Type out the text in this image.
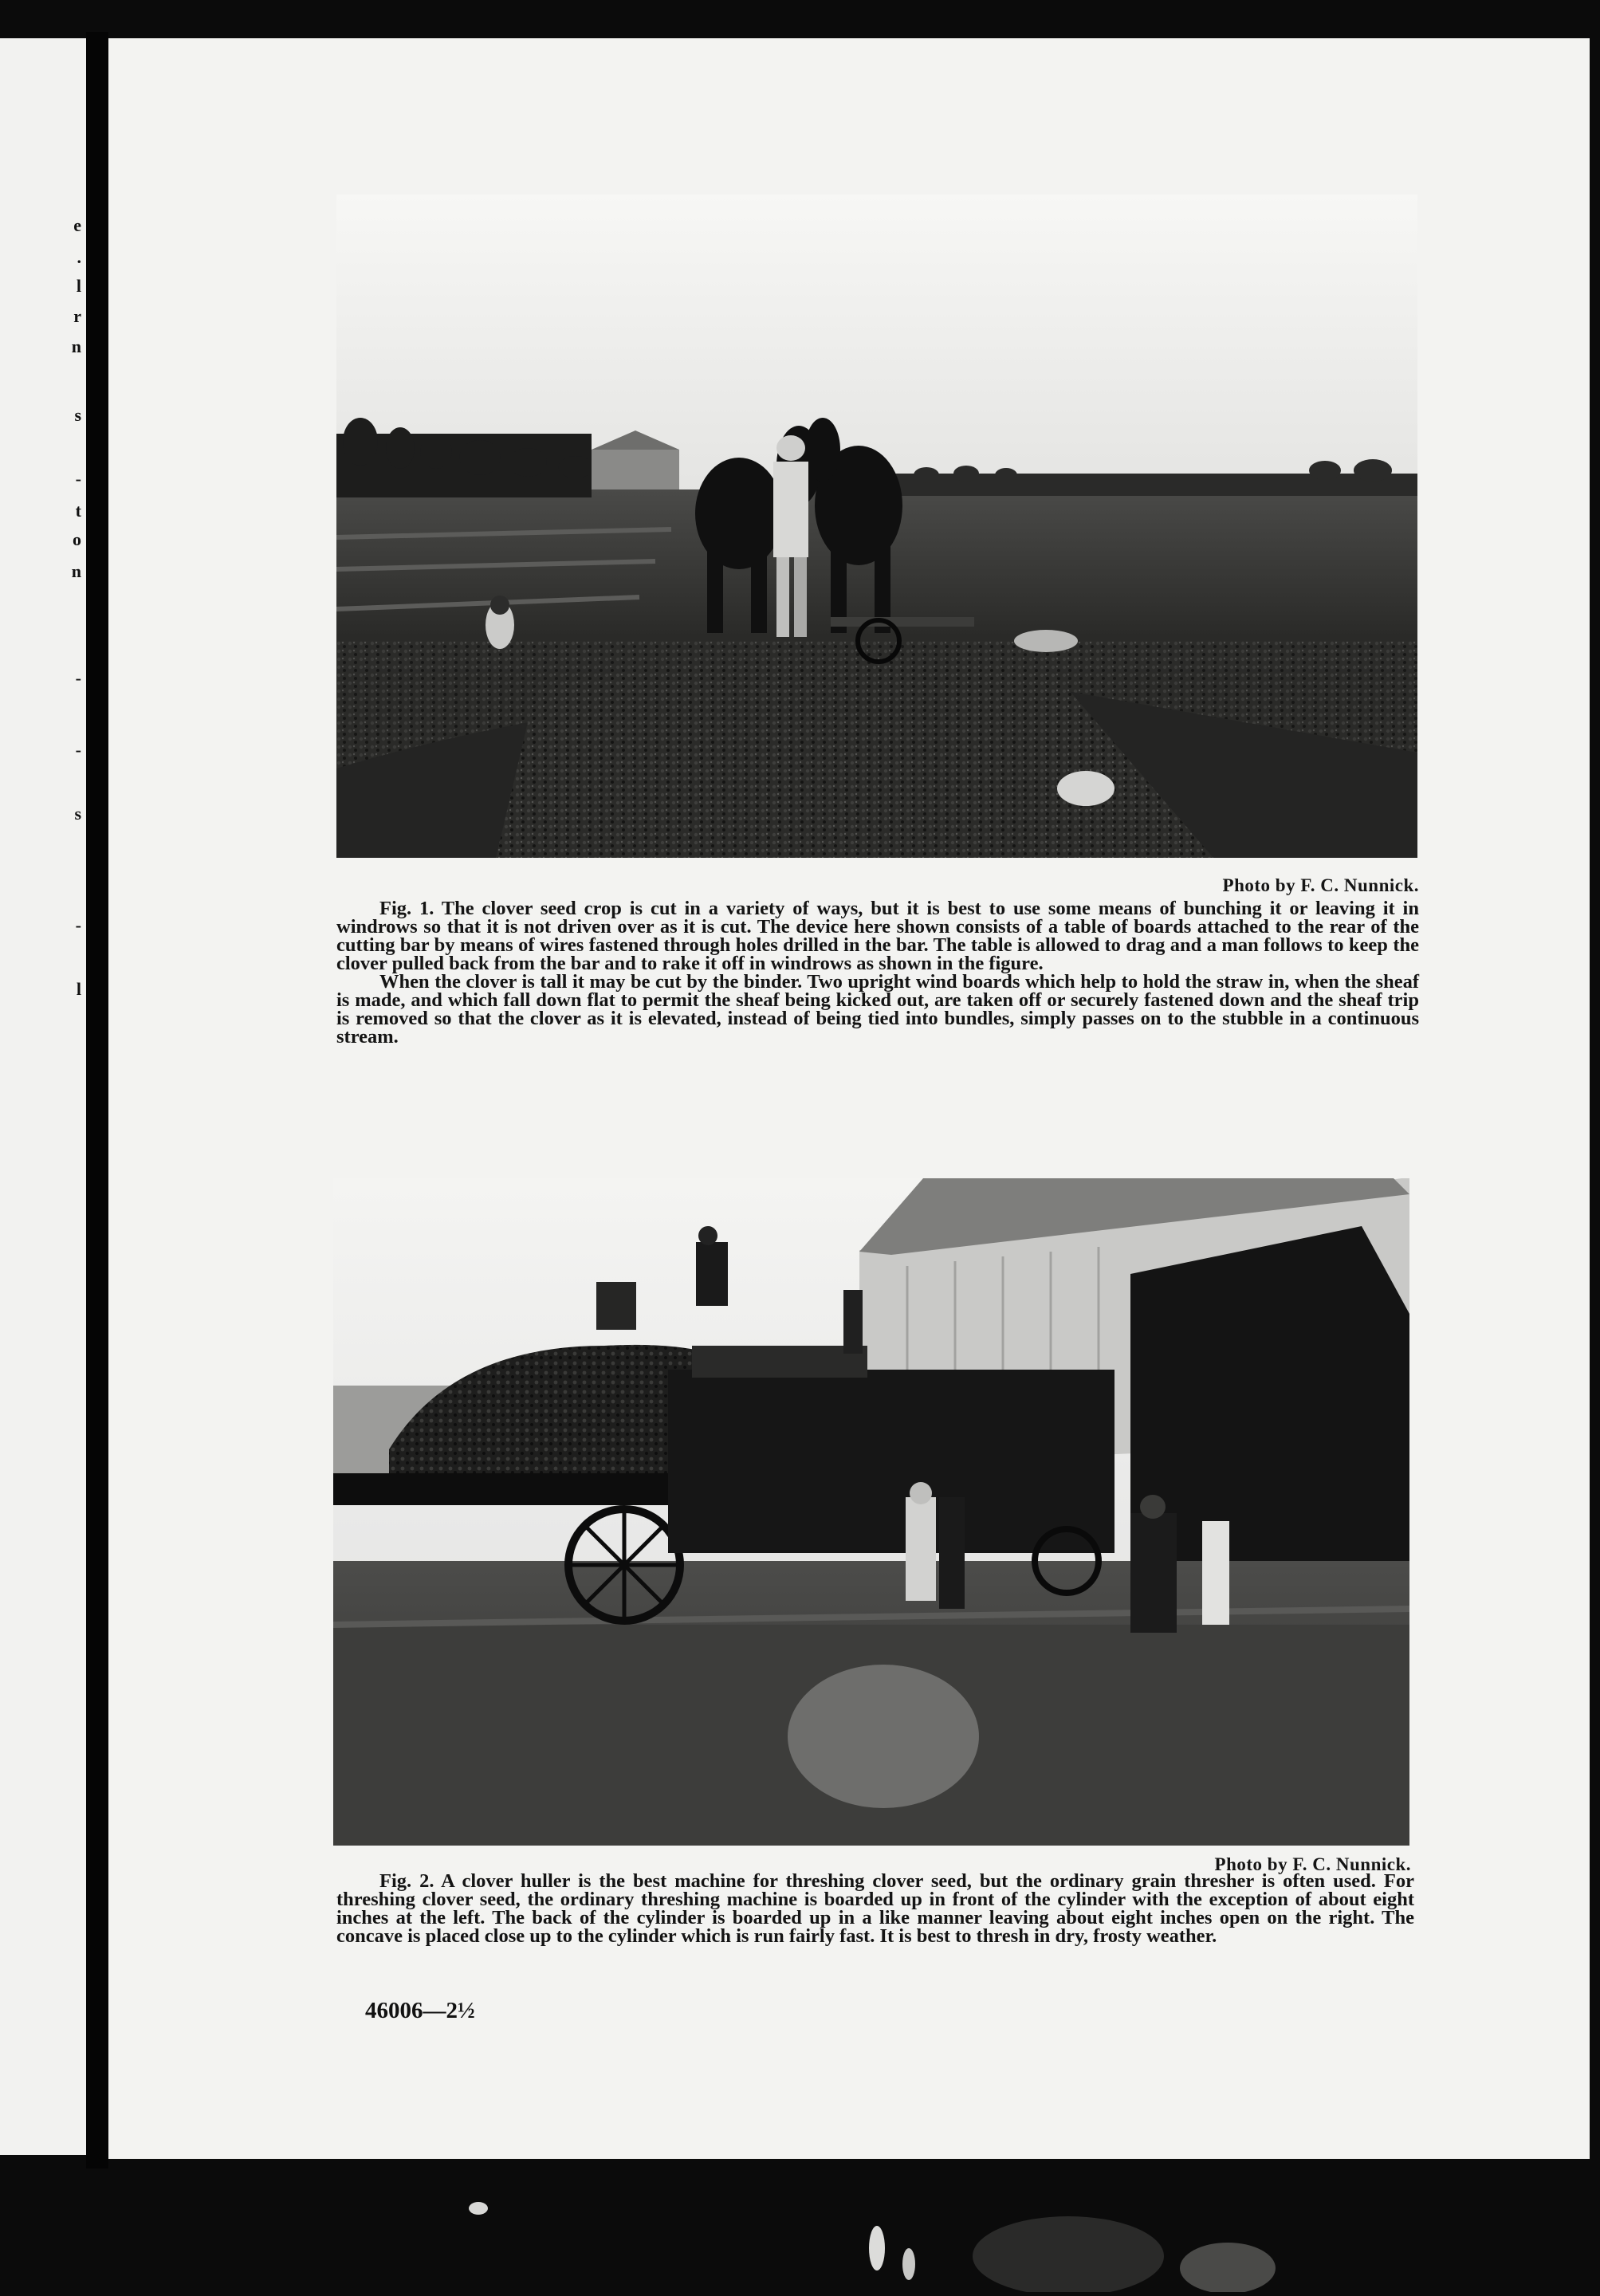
e
.
l
r
n
s
-
t
o
n
-
-
s
-
l
Photo by F. C. Nunnick.

Fig. 1. The clover seed crop is cut in a variety of ways, but it is best to use some means of bunching it or leaving it in windrows so that it is not driven over as it is cut. The device here shown consists of a table of boards attached to the rear of the cutting bar by means of wires fastened through holes drilled in the bar. The table is allowed to drag and a man follows to keep the clover pulled back from the bar and to rake it off in windrows as shown in the figure.

When the clover is tall it may be cut by the binder. Two upright wind boards which help to hold the straw in, when the sheaf is made, and which fall down flat to permit the sheaf being kicked out, are taken off or securely fastened down and the sheaf trip is removed so that the clover as it is elevated, instead of being tied into bundles, simply passes on to the stubble in a continuous stream.

Photo by F. C. Nunnick.

Fig. 2. A clover huller is the best machine for threshing clover seed, but the ordinary grain thresher is often used. For threshing clover seed, the ordinary threshing machine is boarded up in front of the cylinder with the exception of about eight inches at the left. The back of the cylinder is boarded up in a like manner leaving about eight inches open on the right. The concave is placed close up to the cylinder which is run fairly fast. It is best to thresh in dry, frosty weather.

46006—2½
